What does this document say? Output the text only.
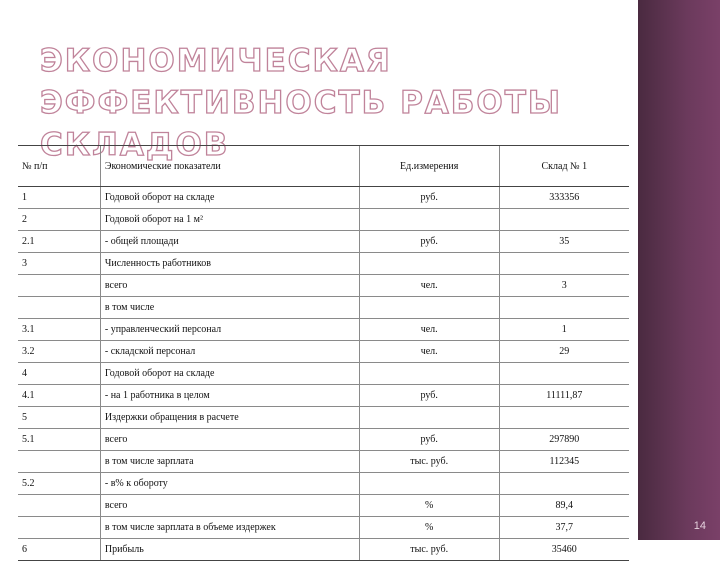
ЭКОНОМИЧЕСКАЯ ЭФФЕКТИВНОСТЬ РАБОТЫ СКЛАДОВ
14
№ п/п	Экономические показатели	Ед.измерения	Склад № 1
1	Годовой оборот на складе	руб.	333356
2	Годовой оборот на 1 м²		
2.1	- общей площади	руб.	35
3	Численность работников		
	всего	чел.	3
	в том числе		
3.1	- управленческий персонал	чел.	1
3.2	- складской персонал	чел.	29
4	Годовой оборот на складе		
4.1	- на 1 работника в целом	руб.	11111,87
5	Издержки обращения в расчете		
5.1	всего	руб.	297890
	в том числе зарплата	тыс. руб.	112345
5.2	- в% к обороту		
	всего	%	89,4
	в том числе зарплата в объеме издержек	%	37,7
6	Прибыль	тыс. руб.	35460
